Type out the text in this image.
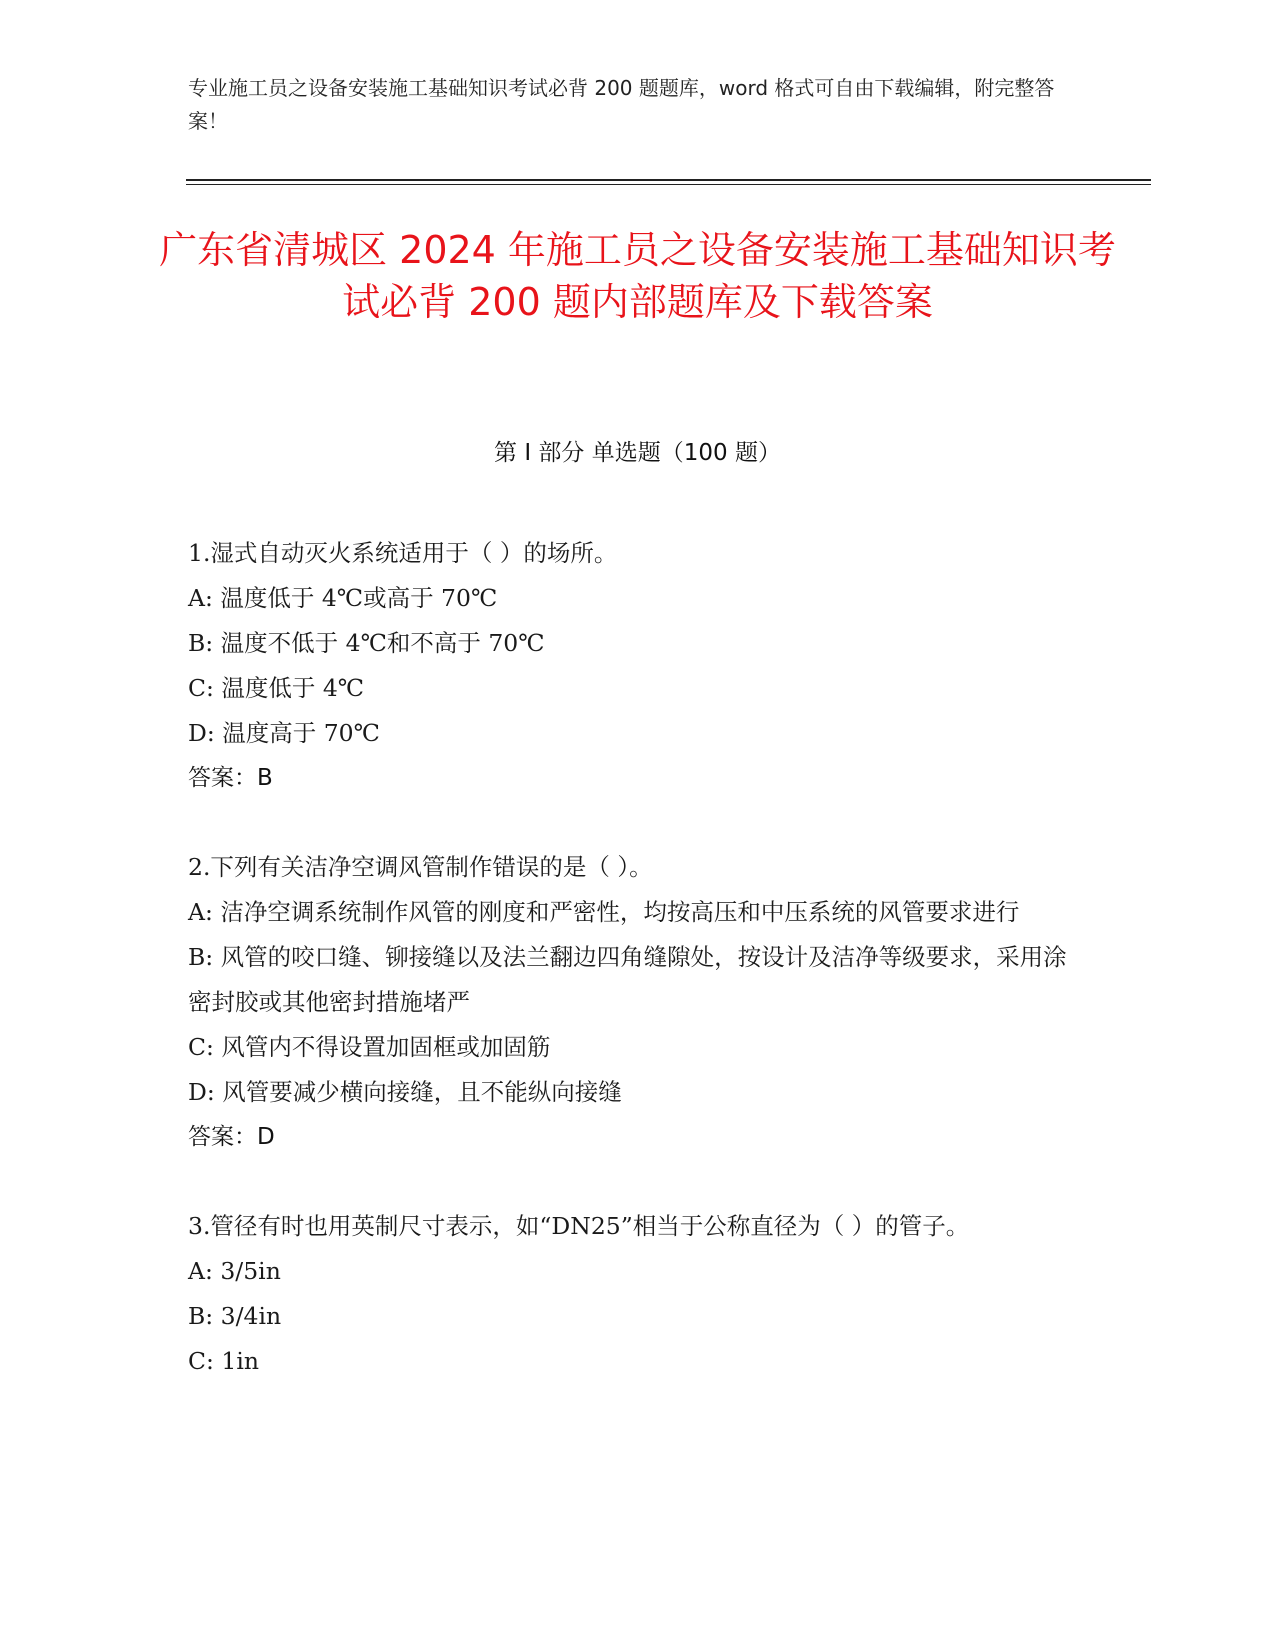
专业施工员之设备安装施工基础知识考试必背 200 题题库，word 格式可自由下载编辑，附完整答案！
广东省清城区 2024 年施工员之设备安装施工基础知识考试必背 200 题内部题库及下载答案
第 I 部分 单选题（100 题）
1.湿式自动灭火系统适用于（ ）的场所。
A: 温度低于 4℃或高于 70℃
B: 温度不低于 4℃和不高于 70℃
C: 温度低于 4℃
D: 温度高于 70℃
答案：B
2.下列有关洁净空调风管制作错误的是（ ）。
A: 洁净空调系统制作风管的刚度和严密性，均按高压和中压系统的风管要求进行
B: 风管的咬口缝、铆接缝以及法兰翻边四角缝隙处，按设计及洁净等级要求，采用涂密封胶或其他密封措施堵严
C: 风管内不得设置加固框或加固筋
D: 风管要减少横向接缝，且不能纵向接缝
答案：D
3.管径有时也用英制尺寸表示，如“DN25”相当于公称直径为（ ）的管子。
A: 3/5in
B: 3/4in
C: 1in
